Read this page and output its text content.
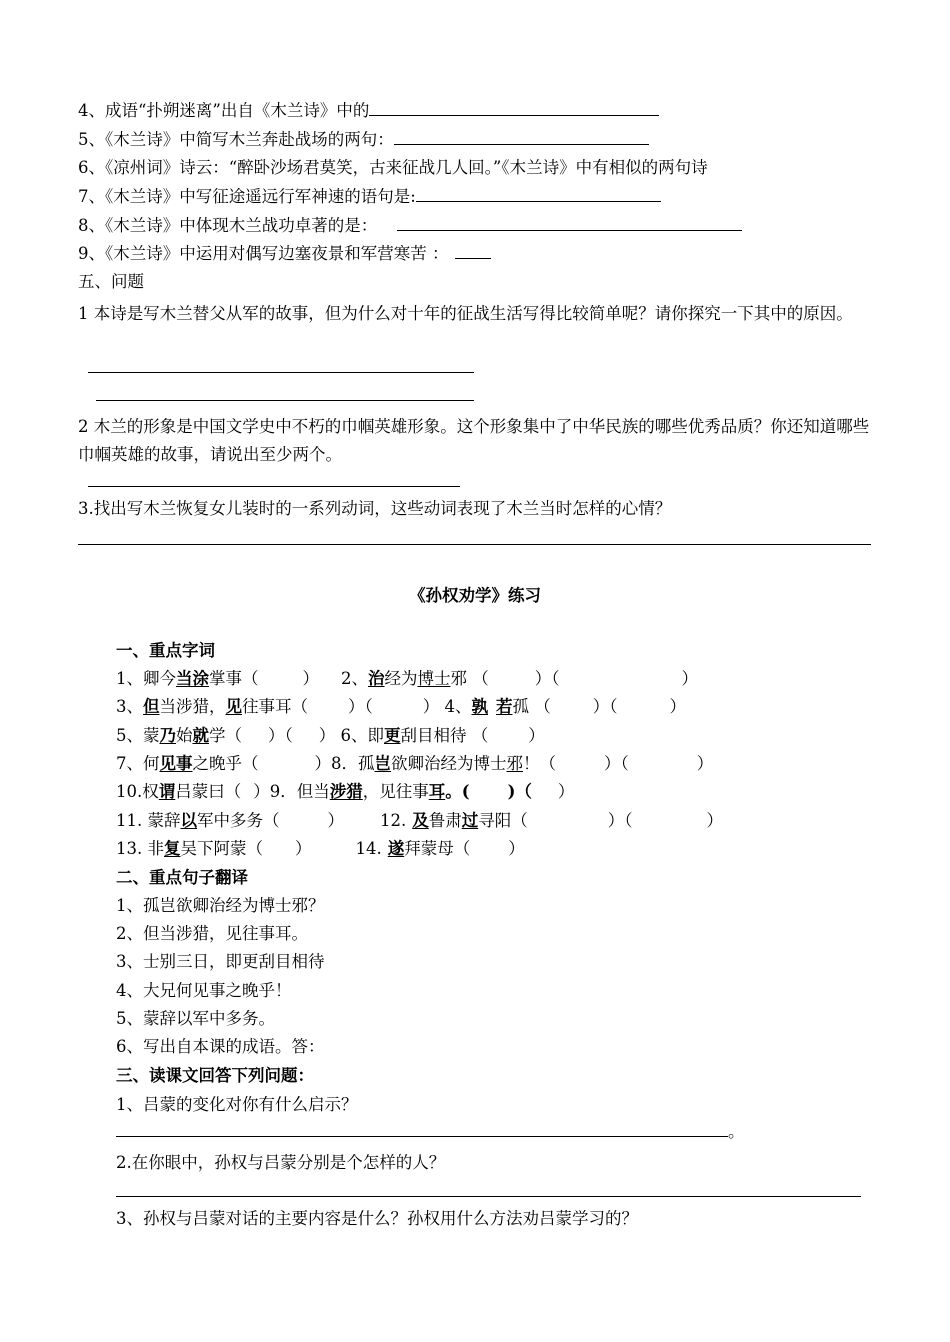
4、成语“扑朔迷离”出自《木兰诗》中的
5、《木兰诗》中简写木兰奔赴战场的两句：
6、《凉州词》诗云：“醉卧沙场君莫笑，古来征战几人回。”《木兰诗》中有相似的两句诗
7、《木兰诗》中写征途遥远行军神速的语句是:
8、《木兰诗》中体现木兰战功卓著的是：
9、《木兰诗》中运用对偶写边塞夜景和军营寒苦 ：
五、问题
1 本诗是写木兰替父从军的故事，但为什么对十年的征战生活写得比较简单呢？请你探究一下其中的原因。
2 木兰的形象是中国文学史中不朽的巾帼英雄形象。这个形象集中了中华民族的哪些优秀品质？你还知道哪些巾帼英雄的故事，请说出至少两个。
3.找出写木兰恢复女儿装时的一系列动词，这些动词表现了木兰当时怎样的心情？
《孙权劝学》练习
一、重点字词
1、卿今当涂掌事（	） 2、治经为博士邪 （	）（	）
3、但当涉猎，见往事耳（ ）（	） 4、孰 若孤 （	）（	）
5、蒙乃始就学（ ）（ ） 6、即更刮目相待 （ ）
7、何见事之晚乎（	）8．孤岂欲卿治经为博士邪！（	）（	）
10.权谓吕蒙曰（ ）9．但当涉猎，见往事耳。( )（ ）
11. 蒙辞以军中多务（	） 12. 及鲁肃过寻阳（	）（	）
13. 非复吴下阿蒙（ ）	14. 遂拜蒙母（ ）
二、重点句子翻译
1、孤岂欲卿治经为博士邪？
2、但当涉猎，见往事耳。
3、士别三日，即更刮目相待
4、大兄何见事之晚乎！
5、蒙辞以军中多务。
6、写出自本课的成语。答：
三、读课文回答下列问题：
1、吕蒙的变化对你有什么启示？
。
2.在你眼中，孙权与吕蒙分别是个怎样的人？
3、孙权与吕蒙对话的主要内容是什么？孙权用什么方法劝吕蒙学习的？
